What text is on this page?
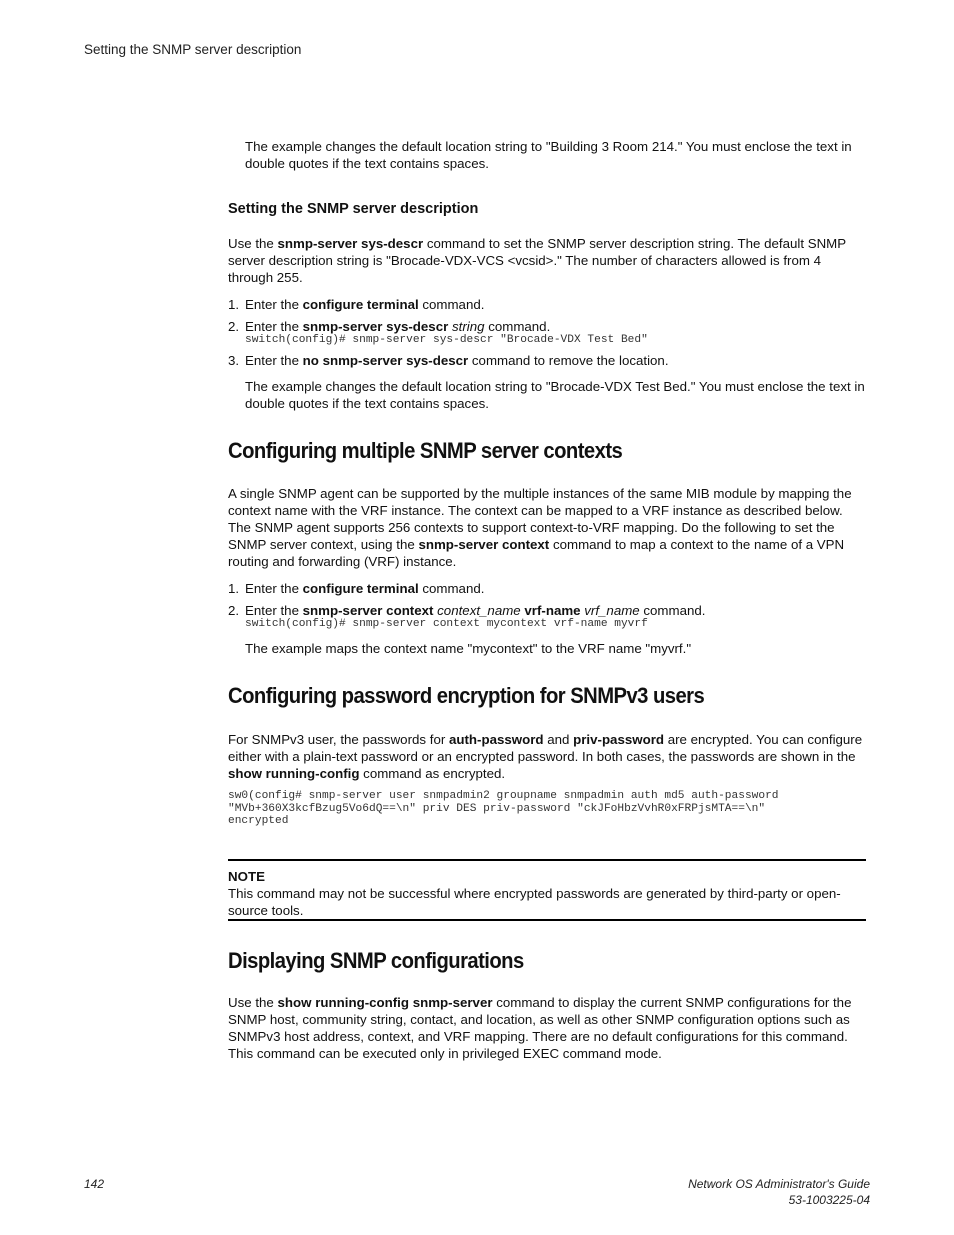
Setting the SNMP server description

The example changes the default location string to "Building 3 Room 214." You must enclose the text in double quotes if the text contains spaces.

Setting the SNMP server description

Use the snmp-server sys-descr command to set the SNMP server description string. The default SNMP server description string is "Brocade-VDX-VCS <vcsid>." The number of characters allowed is from 4 through 255.

1. Enter the configure terminal command.
2. Enter the snmp-server sys-descr string command.
switch(config)# snmp-server sys-descr "Brocade-VDX Test Bed"
3. Enter the no snmp-server sys-descr command to remove the location.

The example changes the default location string to "Brocade-VDX Test Bed." You must enclose the text in double quotes if the text contains spaces.

Configuring multiple SNMP server contexts

A single SNMP agent can be supported by the multiple instances of the same MIB module by mapping the context name with the VRF instance. The context can be mapped to a VRF instance as described below. The SNMP agent supports 256 contexts to support context-to-VRF mapping. Do the following to set the SNMP server context, using the snmp-server context command to map a context to the name of a VPN routing and forwarding (VRF) instance.

1. Enter the configure terminal command.
2. Enter the snmp-server context context_name vrf-name vrf_name command.
switch(config)# snmp-server context mycontext vrf-name myvrf

The example maps the context name "mycontext" to the VRF name "myvrf."

Configuring password encryption for SNMPv3 users

For SNMPv3 user, the passwords for auth-password and priv-password are encrypted. You can configure either with a plain-text password or an encrypted password. In both cases, the passwords are shown in the show running-config command as encrypted.

sw0(config# snmp-server user snmpadmin2 groupname snmpadmin auth md5 auth-password
"MVb+360X3kcfBzug5Vo6dQ==\n" priv DES priv-password "ckJFoHbzVvhR0xFRPjsMTA==\n"
encrypted
NOTE

This command may not be successful where encrypted passwords are generated by third-party or open-source tools.

Displaying SNMP configurations

Use the show running-config snmp-server command to display the current SNMP configurations for the SNMP host, community string, contact, and location, as well as other SNMP configuration options such as SNMPv3 host address, context, and VRF mapping. There are no default configurations for this command. This command can be executed only in privileged EXEC command mode.

142	Network OS Administrator's Guide
53-1003225-04
